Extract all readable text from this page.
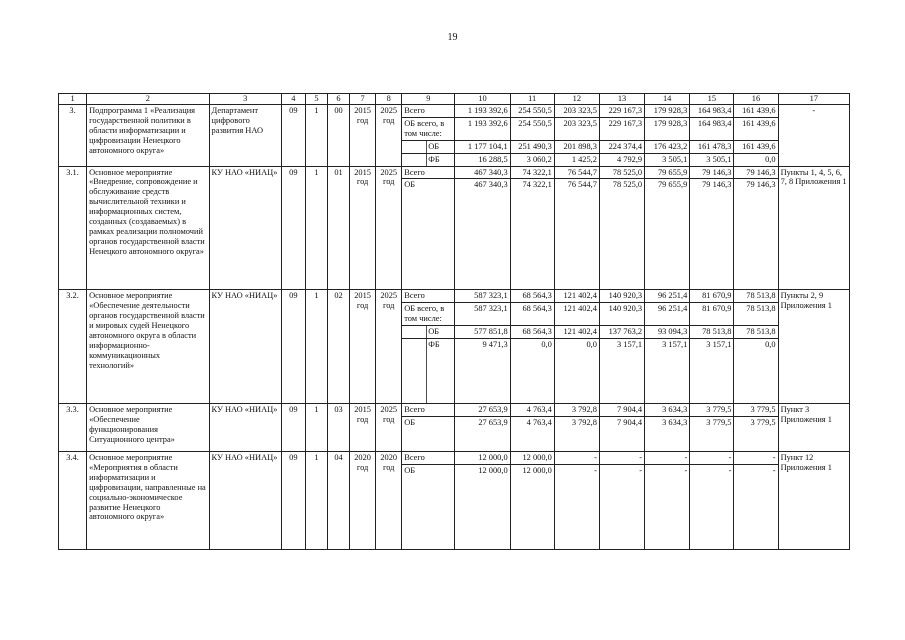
19
1	2	3	4	5	6	7	8	9	10	11	12	13	14	15	16	17
3.	Подпрограмма 1 «Реализация государственной политики в области информатизации и цифровизации Ненецкого автономного округа»	Департамент цифрового развития НАО	09	1	00	2015 год	2025 год	Всего	1 193 392,6	254 550,5	203 323,5	229 167,3	179 928,3	164 983,4	161 439,6	-
								ОБ всего, в том числе:	1 193 392,6	254 550,5	203 323,5	229 167,3	179 928,3	164 983,4	161 439,6	
								ОБ	1 177 104,1	251 490,3	201 898,3	224 374,4	176 423,2	161 478,3	161 439,6	
								ФБ	16 288,5	3 060,2	1 425,2	4 792,9	3 505,1	3 505,1	0,0	
3.1.	Основное мероприятие «Внедрение, сопровождение и обслуживание средств вычислительной техники и информационных систем, созданных (создаваемых) в рамках реализации полномочий органов государственной власти Ненецкого автономного округа»	КУ НАО «НИАЦ»	09	1	01	2015 год	2025 год	Всего	467 340,3	74 322,1	76 544,7	78 525,0	79 655,9	79 146,3	79 146,3	Пункты 1, 4, 5, 6, 7, 8 Приложения 1
								ОБ	467 340,3	74 322,1	76 544,7	78 525,0	79 655,9	79 146,3	79 146,3	
3.2.	Основное мероприятие «Обеспечение деятельности органов государственной власти и мировых судей Ненецкого автономного округа в области информационно-коммуникационных технологий»	КУ НАО «НИАЦ»	09	1	02	2015 год	2025 год	Всего	587 323,1	68 564,3	121 402,4	140 920,3	96 251,4	81 670,9	78 513,8	Пункты 2, 9 Приложения 1
								ОБ всего, в том числе:	587 323,1	68 564,3	121 402,4	140 920,3	96 251,4	81 670,9	78 513,8	
								ОБ	577 851,8	68 564,3	121 402,4	137 763,2	93 094,3	78 513,8	78 513,8	
								ФБ	9 471,3	0,0	0,0	3 157,1	3 157,1	3 157,1	0,0	
3.3.	Основное мероприятие «Обеспечение функционирования Ситуационного центра»	КУ НАО «НИАЦ»	09	1	03	2015 год	2025 год	Всего	27 653,9	4 763,4	3 792,8	7 904,4	3 634,3	3 779,5	3 779,5	Пункт 3 Приложения 1
								ОБ	27 653,9	4 763,4	3 792,8	7 904,4	3 634,3	3 779,5	3 779,5	
3.4.	Основное мероприятие «Мероприятия в области информатизации и цифровизации, направленные на социально-экономическое развитие Ненецкого автономного округа»	КУ НАО «НИАЦ»	09	1	04	2020 год	2020 год	Всего	12 000,0	12 000,0	-	-	-	-	-	Пункт 12 Приложения 1
								ОБ	12 000,0	12 000,0	-	-	-	-	-	
